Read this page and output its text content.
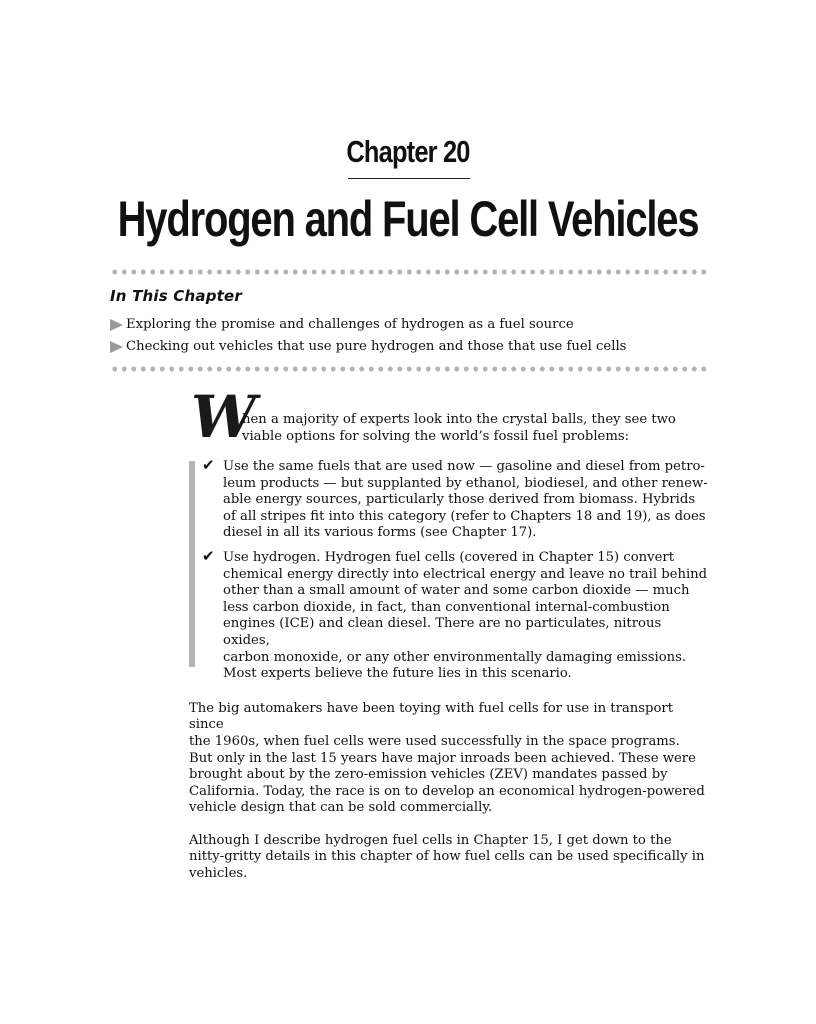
Chapter 20
Hydrogen and Fuel Cell Vehicles
In This Chapter
Exploring the promise and challenges of hydrogen as a fuel source
Checking out vehicles that use pure hydrogen and those that use fuel cells
W
hen a majority of experts look into the crystal balls, they see two
viable options for solving the world’s fossil fuel problems:
✔ Use the same fuels that are used now — gasoline and diesel from petro-
leum products — but supplanted by ethanol, biodiesel, and other renew-
able energy sources, particularly those derived from biomass. Hybrids
of all stripes fit into this category (refer to Chapters 18 and 19), as does
diesel in all its various forms (see Chapter 17).
✔ Use hydrogen. Hydrogen fuel cells (covered in Chapter 15) convert
chemical energy directly into electrical energy and leave no trail behind
other than a small amount of water and some carbon dioxide — much
less carbon dioxide, in fact, than conventional internal-combustion
engines (ICE) and clean diesel. There are no particulates, nitrous oxides,
carbon monoxide, or any other environmentally damaging emissions.
Most experts believe the future lies in this scenario.
The big automakers have been toying with fuel cells for use in transport since
the 1960s, when fuel cells were used successfully in the space programs.
But only in the last 15 years have major inroads been achieved. These were
brought about by the zero-emission vehicles (ZEV) mandates passed by
California. Today, the race is on to develop an economical hydrogen-powered
vehicle design that can be sold commercially.
Although I describe hydrogen fuel cells in Chapter 15, I get down to the
nitty-gritty details in this chapter of how fuel cells can be used specifically in
vehicles.
